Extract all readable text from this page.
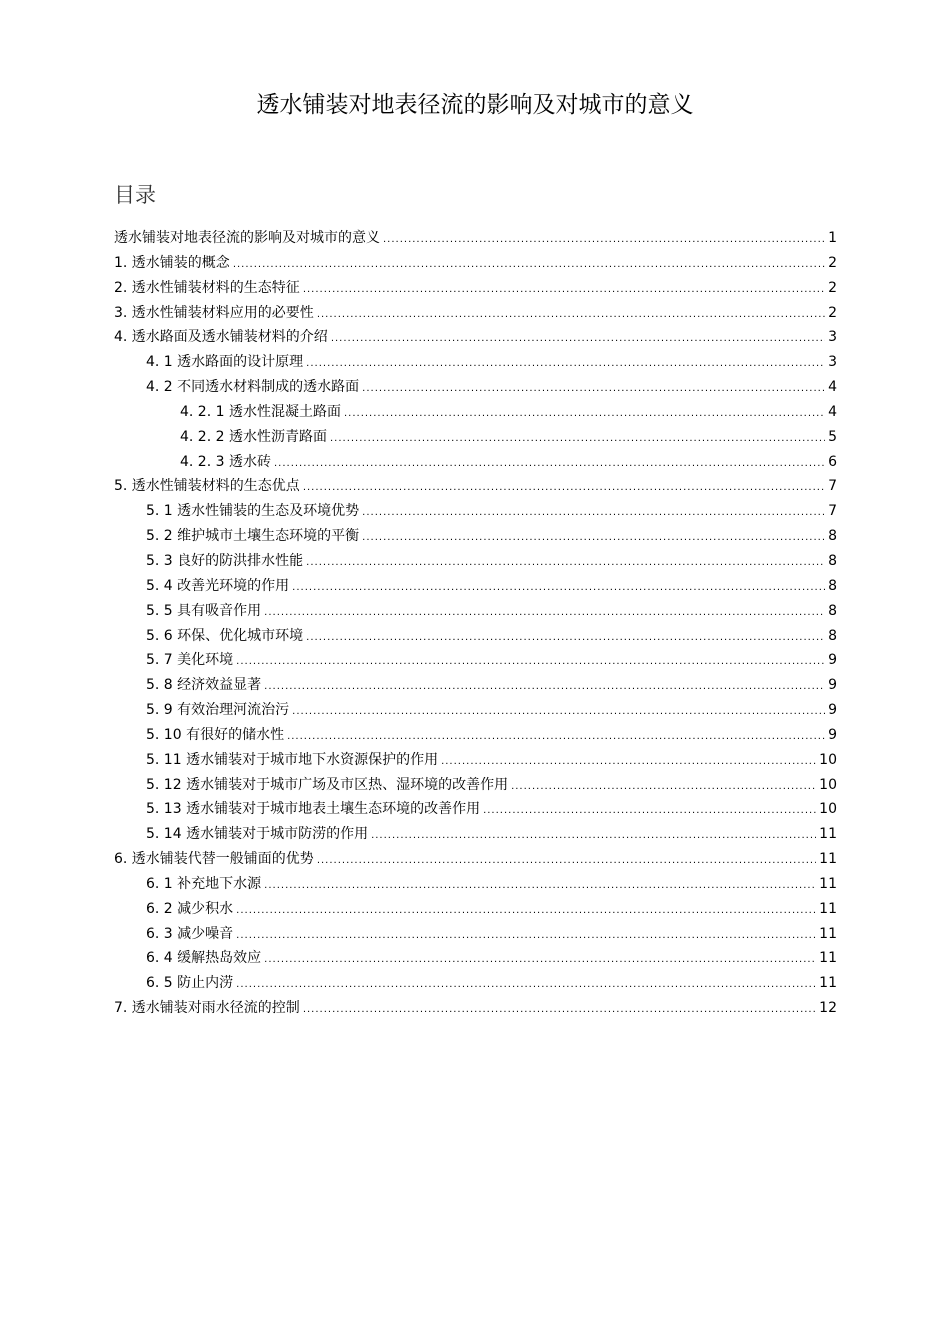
透水铺装对地表径流的影响及对城市的意义
目录
透水铺装对地表径流的影响及对城市的意义 .....	1
1. 透水铺装的概念 .....	2
2. 透水性铺装材料的生态特征 .....	2
3. 透水性铺装材料应用的必要性 .....	2
4. 透水路面及透水铺装材料的介绍 .....	3
4. 1 透水路面的设计原理 .....	3
4. 2 不同透水材料制成的透水路面 .....	4
4. 2. 1 透水性混凝土路面 .....	4
4. 2. 2 透水性沥青路面 .....	5
4. 2. 3 透水砖 .....	6
5. 透水性铺装材料的生态优点 .....	7
5. 1 透水性铺装的生态及环境优势 .....	7
5. 2 维护城市土壤生态环境的平衡 .....	8
5. 3 良好的防洪排水性能 .....	8
5. 4 改善光环境的作用 .....	8
5. 5 具有吸音作用 .....	8
5. 6 环保、优化城市环境 .....	8
5. 7 美化环境 .....	9
5. 8 经济效益显著 .....	9
5. 9 有效治理河流治污 .....	9
5. 10 有很好的储水性 .....	9
5. 11 透水铺装对于城市地下水资源保护的作用 .....	10
5. 12 透水铺装对于城市广场及市区热、湿环境的改善作用 .....	10
5. 13 透水铺装对于城市地表土壤生态环境的改善作用 .....	10
5. 14 透水铺装对于城市防涝的作用 .....	11
6. 透水铺装代替一般铺面的优势 .....	11
6. 1 补充地下水源 .....	11
6. 2 减少积水 .....	11
6. 3 减少噪音 .....	11
6. 4 缓解热岛效应 .....	11
6. 5 防止内涝 .....	11
7. 透水铺装对雨水径流的控制 .....	12
